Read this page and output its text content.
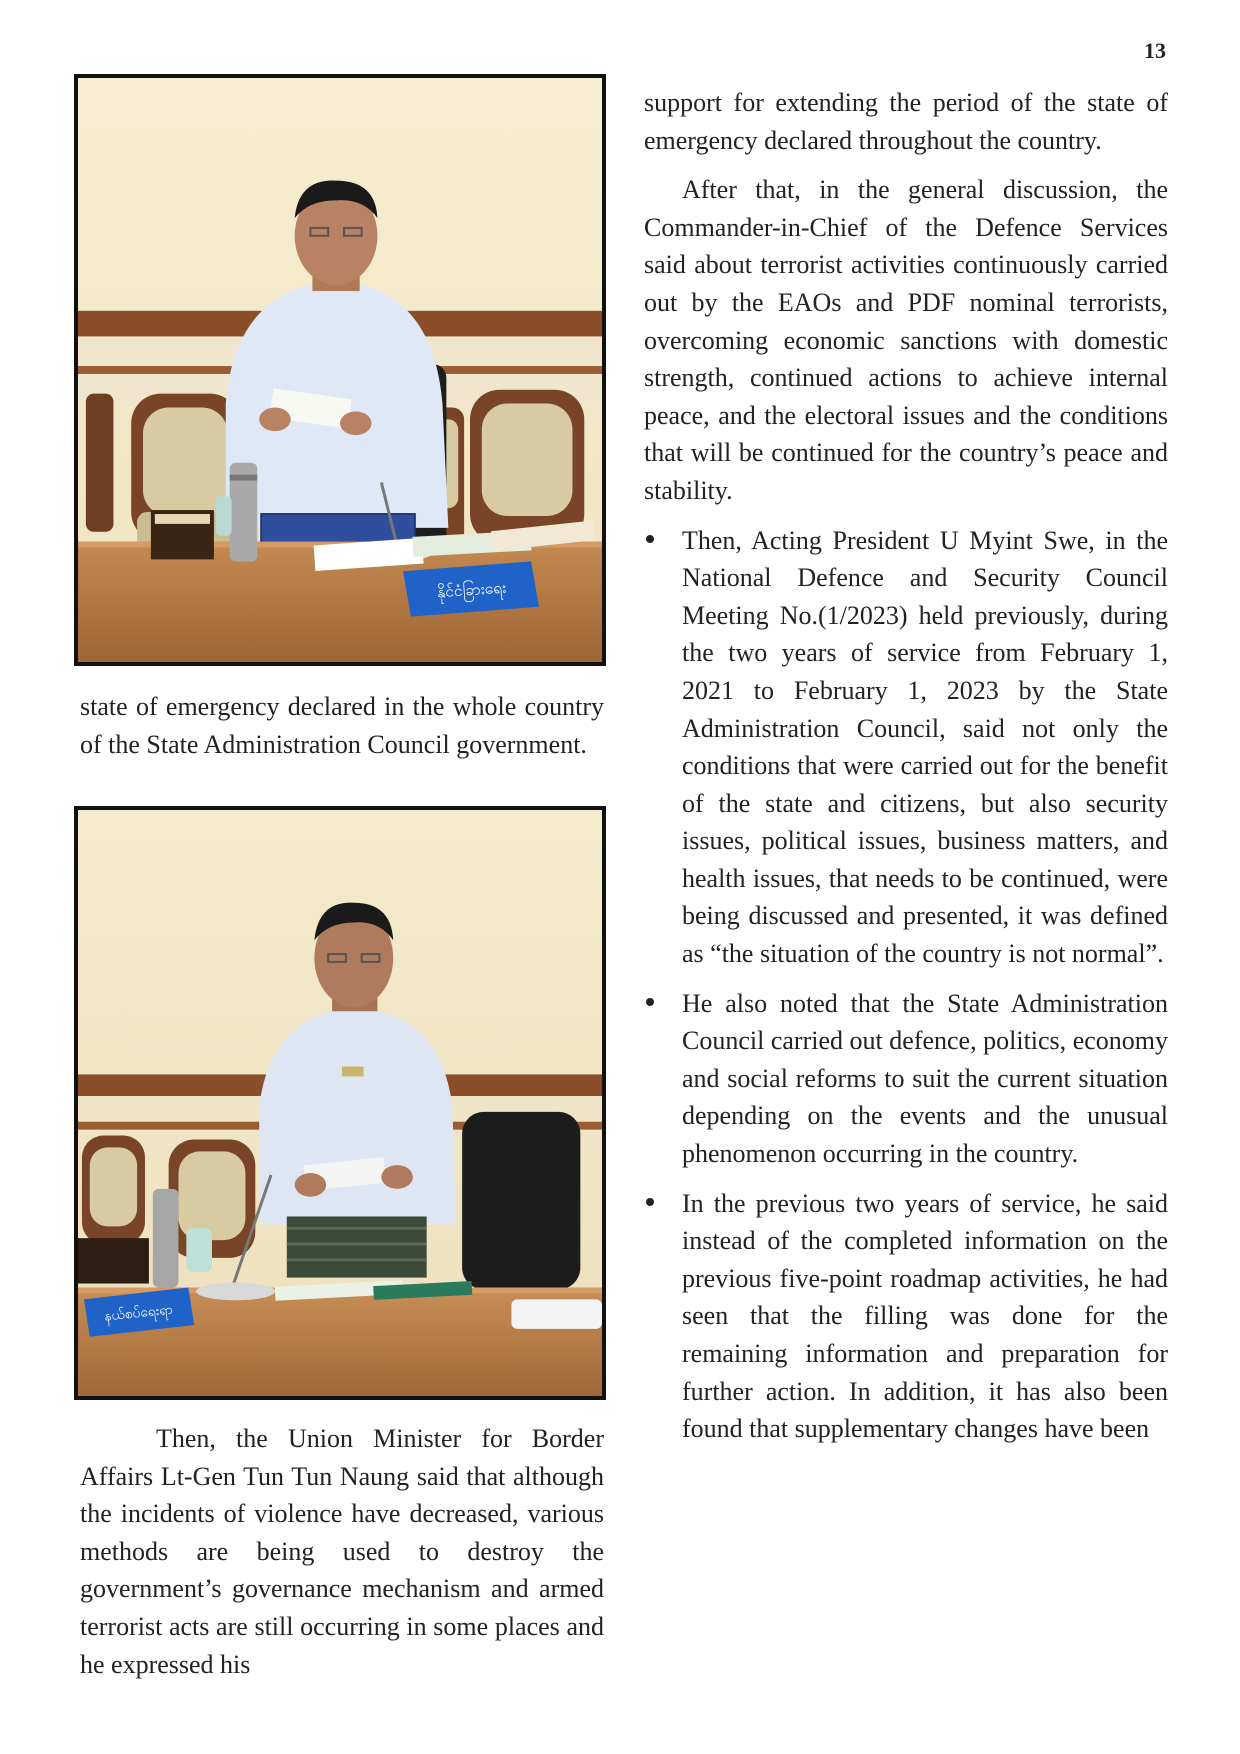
13
နိုင်ငံခြားရေး

state of emergency declared in the whole country of the State Administration Council government.

နယ်စပ်ရေးရာ

Then, the Union Minister for Border Affairs Lt-Gen Tun Tun Naung said that although the incidents of violence have decreased, various methods are being used to destroy the government’s governance mechanism and armed terrorist acts are still occurring in some places and he expressed his

support for extending the period of the state of emergency declared throughout the country.

After that, in the general discussion, the Commander-in-Chief of the Defence Services said about terrorist activities continuously carried out by the EAOs and PDF nominal terrorists, overcoming economic sanctions with domestic strength, continued actions to achieve internal peace, and the electoral issues and the conditions that will be continued for the country’s peace and stability.

Then, Acting President U Myint Swe, in the National Defence and Security Council Meeting No.(1/2023) held previously, during the two years of service from February 1, 2021 to February 1, 2023 by the State Administration Council, said not only the conditions that were carried out for the benefit of the state and citizens, but also security issues, political issues, business matters, and health issues, that needs to be continued, were being discussed and presented, it was defined as “the situation of the country is not normal”.

He also noted that the State Administration Council carried out defence, politics, economy and social reforms to suit the current situation depending on the events and the unusual phenomenon occurring in the country.

In the previous two years of service, he said instead of the completed information on the previous five-point roadmap activities, he had seen that the filling was done for the remaining information and preparation for further action. In addition, it has also been found that supplementary changes have been
